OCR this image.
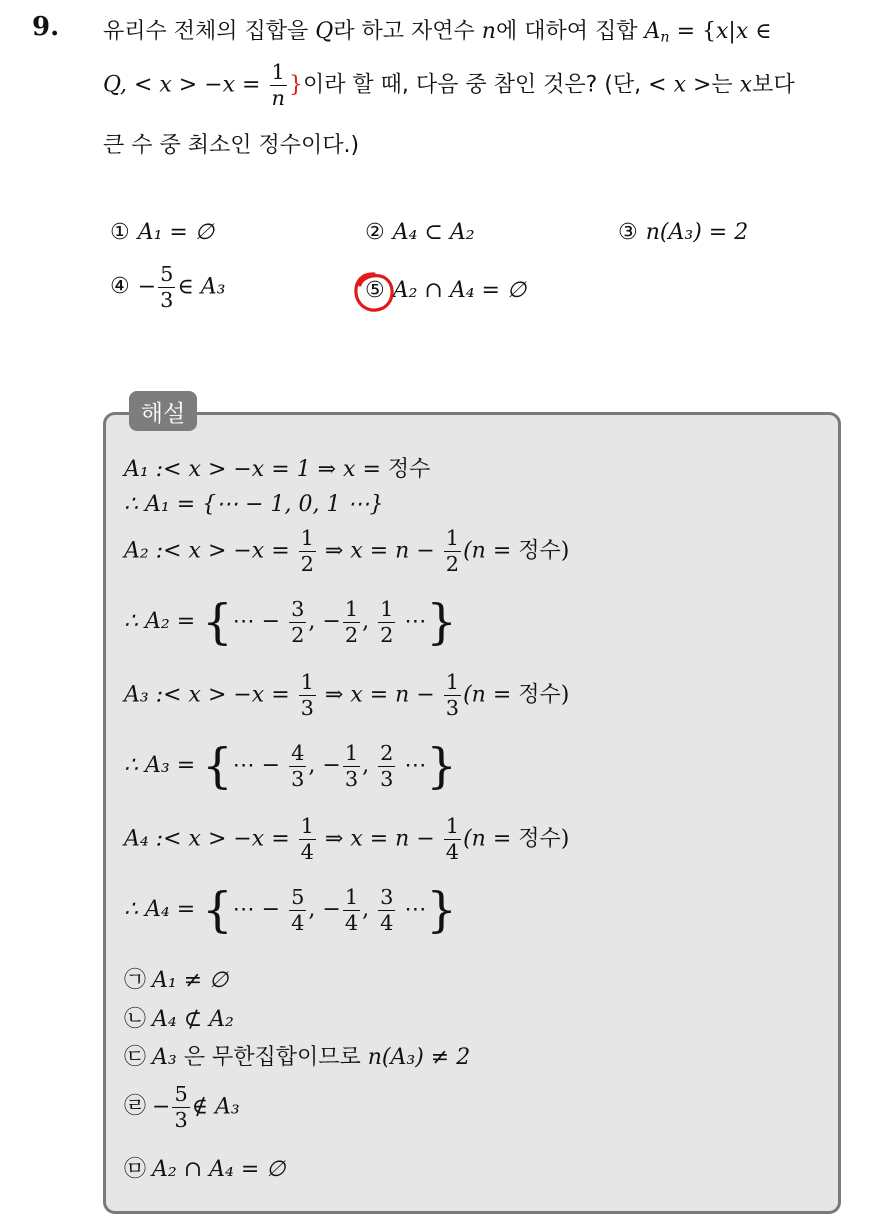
9. 유리수 전체의 집합을 Q라 하고 자연수 n에 대하여 집합 $A_n = \{x|x$ ∈
Q, < $x > -x = \frac{1}{n}$ }이라 할 때, 다음 중 참인 것은? (단, < x >는 x보다
큰 수 중 최소인 정수이다.)
① A₁ = ∅	② A₄ ⊂ A₂	③ n(A₃) = 2
④ − $\frac{5}{3}$ ∈ A₃	⑤ A₂ ∩ A₄ = ∅
해설
A₁ :< x > −x = 1 ⇒ x = 정수
∴ A₁ = {⋯ − 1, 0, 1 ⋯}
A₂ :< $x > -x = \frac{1}{2}$ ⇒ $x = n - \frac{1}{2} (n$ = 정수)
∴ A₂ = {⋯ − $\frac{3}{2}$ , − $\frac{1}{2}$ , $\frac{1}{2}$ ⋯}
A₃ :< $x > -x = \frac{1}{3}$ ⇒ $x = n - \frac{1}{3} (n$ = 정수)
∴ A₃ = {⋯ − $\frac{4}{3}$ , − $\frac{1}{3}$ , $\frac{2}{3}$ ⋯}
A₄ :< $x > -x = \frac{1}{4}$ ⇒ $x = n - \frac{1}{4} (n$ = 정수)
∴ A₄ = {⋯ − $\frac{5}{4}$ , − $\frac{1}{4}$ , $\frac{3}{4}$ ⋯}
㉠ A₁ ≠ ∅
㉡ A₄ ⊄ A₂
㉢ A₃ 은 무한집합이므로 n(A₃) ≠ 2
㉣ − $\frac{5}{3}$ ∉ A₃
㉤ A₂ ∩ A₄ = ∅
